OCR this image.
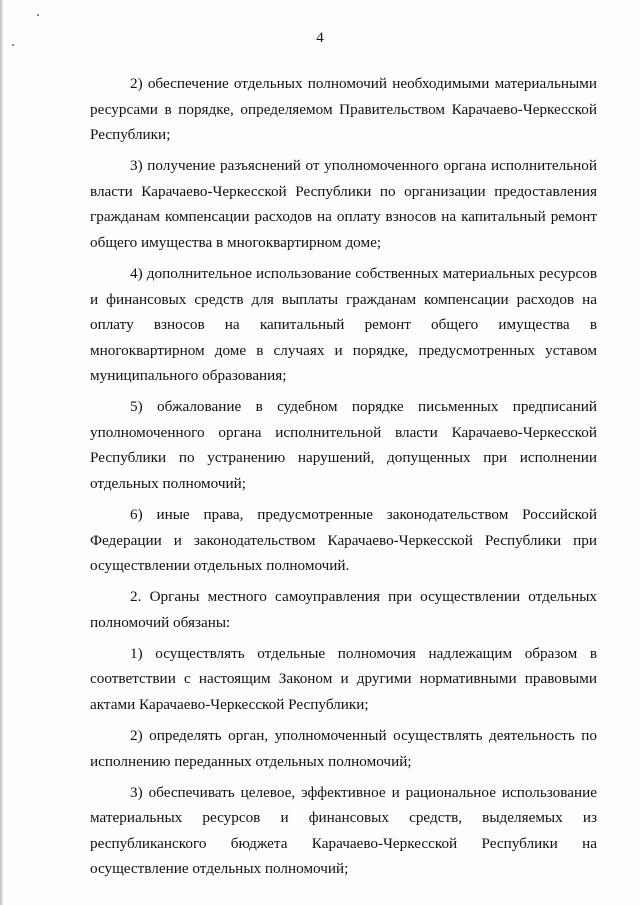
4

2) обеспечение отдельных полномочий необходимыми материальными ресурсами в порядке, определяемом Правительством Карачаево-Черкесской Республики;

3) получение разъяснений от уполномоченного органа исполнительной власти Карачаево-Черкесской Республики по организации предоставления гражданам компенсации расходов на оплату взносов на капитальный ремонт общего имущества в многоквартирном доме;

4) дополнительное использование собственных материальных ресурсов и финансовых средств для выплаты гражданам компенсации расходов на оплату взносов на капитальный ремонт общего имущества в многоквартирном доме в случаях и порядке, предусмотренных уставом муниципального образования;

5) обжалование в судебном порядке письменных предписаний уполномоченного органа исполнительной власти Карачаево-Черкесской Республики по устранению нарушений, допущенных при исполнении отдельных полномочий;

6) иные права, предусмотренные законодательством Российской Федерации и законодательством Карачаево-Черкесской Республики при осуществлении отдельных полномочий.

2. Органы местного самоуправления при осуществлении отдельных полномочий обязаны:

1) осуществлять отдельные полномочия надлежащим образом в соответствии с настоящим Законом и другими нормативными правовыми актами Карачаево-Черкесской Республики;

2) определять орган, уполномоченный осуществлять деятельность по исполнению переданных отдельных полномочий;

3) обеспечивать целевое, эффективное и рациональное использование материальных ресурсов и финансовых средств, выделяемых из республиканского бюджета Карачаево-Черкесской Республики на осуществление отдельных полномочий;
